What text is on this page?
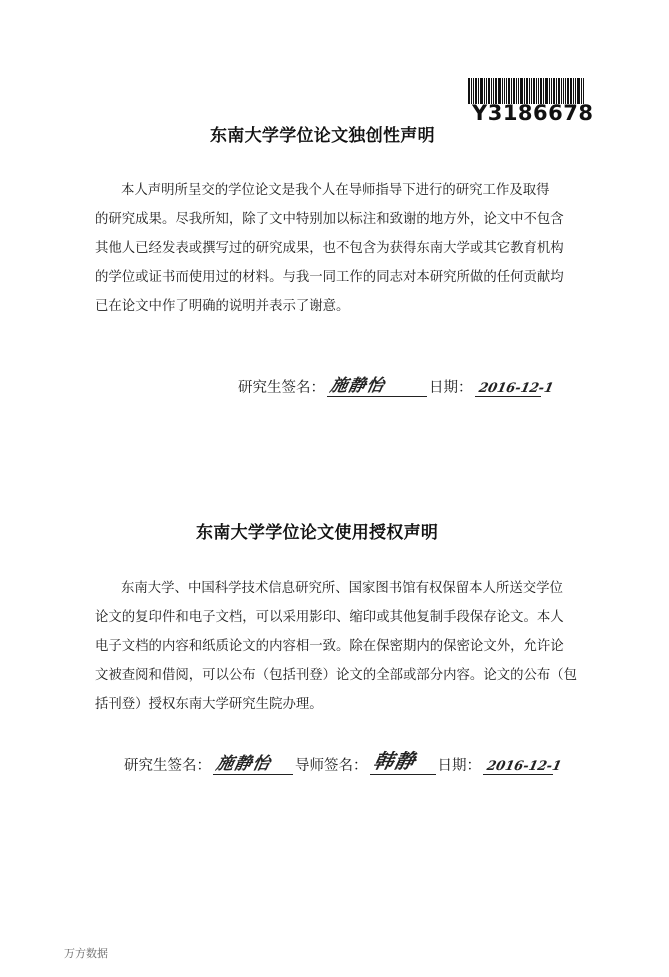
Y3186678
东南大学学位论文独创性声明
本人声明所呈交的学位论文是我个人在导师指导下进行的研究工作及取得
的研究成果。尽我所知，除了文中特别加以标注和致谢的地方外，论文中不包含
其他人已经发表或撰写过的研究成果，也不包含为获得东南大学或其它教育机构
的学位或证书而使用过的材料。与我一同工作的同志对本研究所做的任何贡献均
已在论文中作了明确的说明并表示了谢意。
研究生签名： 施静怡	日期： 2016-12-1
东南大学学位论文使用授权声明
东南大学、中国科学技术信息研究所、国家图书馆有权保留本人所送交学位
论文的复印件和电子文档，可以采用影印、缩印或其他复制手段保存论文。本人
电子文档的内容和纸质论文的内容相一致。除在保密期内的保密论文外，允许论
文被查阅和借阅，可以公布（包括刊登）论文的全部或部分内容。论文的公布（包
括刊登）授权东南大学研究生院办理。
研究生签名： 施静怡 导师签名： 韩静 日期： 2016-12-1
万方数据
